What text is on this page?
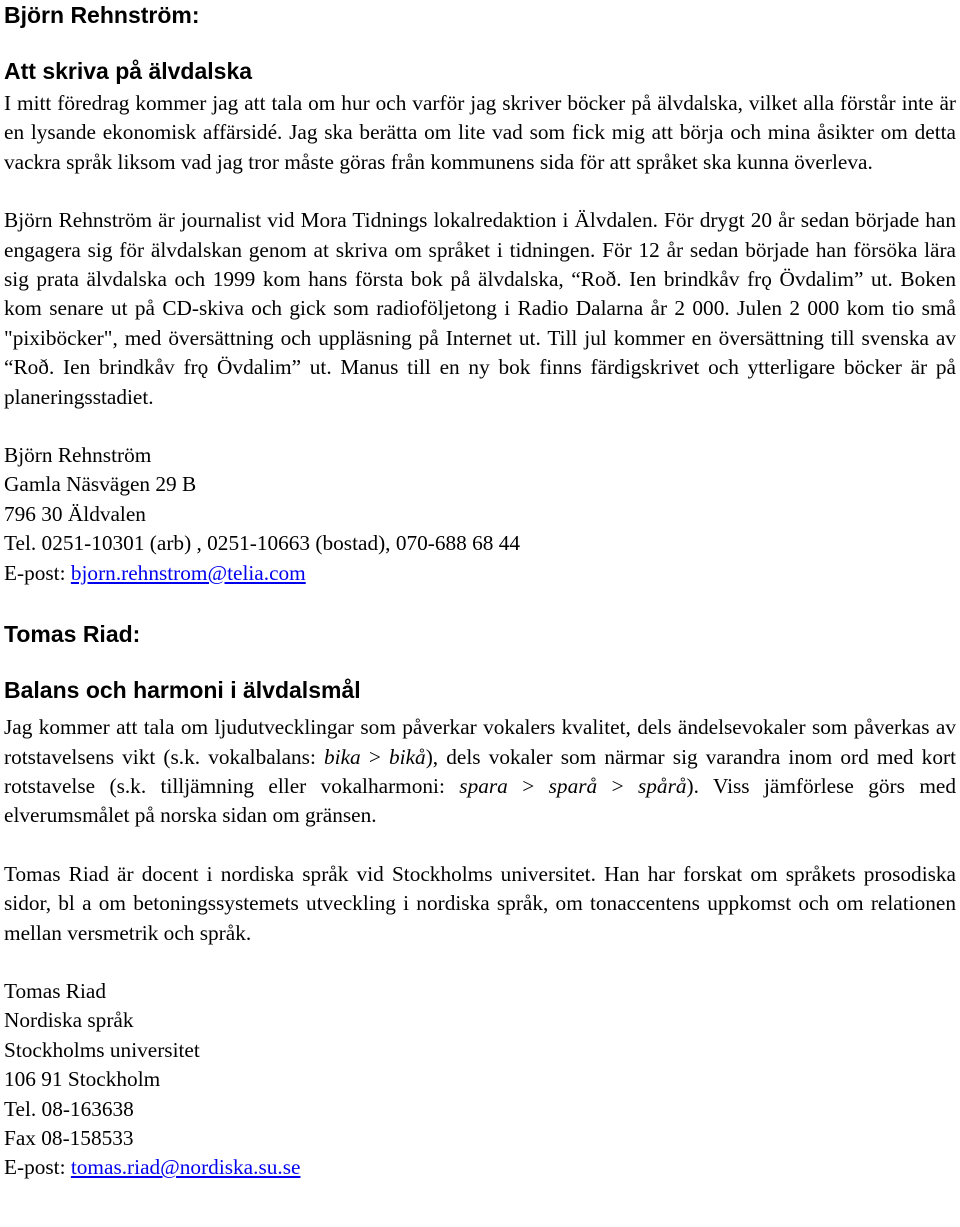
Björn Rehnström:
Att skriva på älvdalska

I mitt föredrag kommer jag att tala om hur och varför jag skriver böcker på älvdalska, vilket alla förstår inte är en lysande ekonomisk affärsidé. Jag ska berätta om lite vad som fick mig att börja och mina åsikter om detta vackra språk liksom vad jag tror måste göras från kommunens sida för att språket ska kunna överleva.

Björn Rehnström är journalist vid Mora Tidnings lokalredaktion i Älvdalen. För drygt 20 år sedan började han engagera sig för älvdalskan genom at skriva om språket i tidningen. För 12 år sedan började han försöka lära sig prata älvdalska och 1999 kom hans första bok på älvdalska, “Roð. Ien brindkåv frǫ Övdalim” ut. Boken kom senare ut på CD-skiva och gick som radioföljetong i Radio Dalarna år 2 000. Julen 2 000 kom tio små "pixiböcker", med översättning och uppläsning på Internet ut. Till jul kommer en översättning till svenska av “Roð. Ien brindkåv frǫ Övdalim” ut. Manus till en ny bok finns färdigskrivet och ytterligare böcker är på planeringsstadiet.

Björn Rehnström

Gamla Näsvägen 29 B

796 30 Äldvalen

Tel. 0251-10301 (arb) , 0251-10663 (bostad), 070-688 68 44

E-post: bjorn.rehnstrom@telia.com

Tomas Riad:
Balans och harmoni i älvdalsmål

Jag kommer att tala om ljudutvecklingar som påverkar vokalers kvalitet, dels ändelsevokaler som påverkas av rotstavelsens vikt (s.k. vokalbalans: bika > bikå), dels vokaler som närmar sig varandra inom ord med kort rotstavelse (s.k. tilljämning eller vokalharmoni: spara > sparå > spårå). Viss jämförlese görs med elverumsmålet på norska sidan om gränsen.

Tomas Riad är docent i nordiska språk vid Stockholms universitet. Han har forskat om språkets prosodiska sidor, bl a om betoningssystemets utveckling i nordiska språk, om tonaccentens uppkomst och om relationen mellan versmetrik och språk.

Tomas Riad

Nordiska språk

Stockholms universitet

106 91 Stockholm

Tel. 08-163638

Fax 08-158533

E-post: tomas.riad@nordiska.su.se
